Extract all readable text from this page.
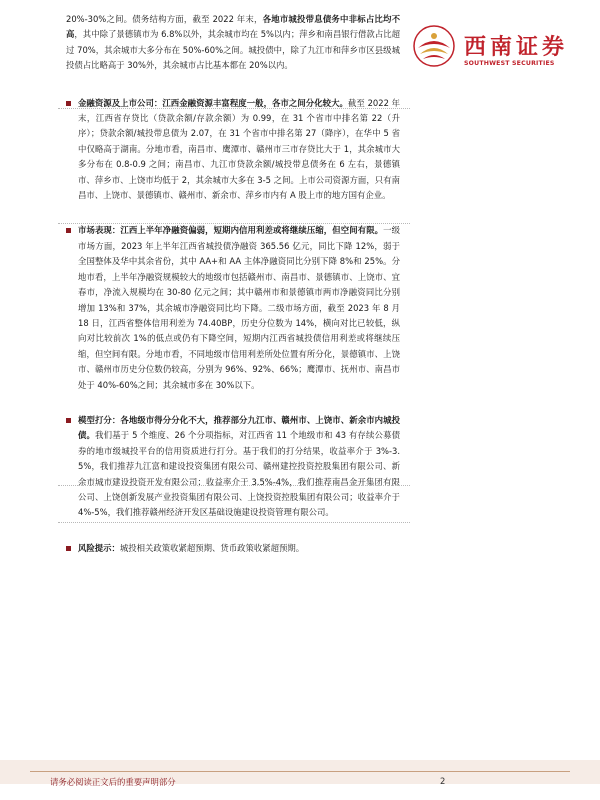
西南证券
SOUTHWEST SECURITIES

20%-30%之间。债务结构方面，截至 2022 年末，各地市城投带息债务中非标占比均不高，其中除了景德镇市为 6.8%以外，其余城市均在 5%以内；萍乡和南昌银行借款占比超过 70%，其余城市大多分布在 50%-60%之间。城投债中，除了九江市和萍乡市区县级城投债占比略高于 30%外，其余城市占比基本都在 20%以内。

金融资源及上市公司：江西金融资源丰富程度一般，各市之间分化较大。截至 2022 年末，江西省存贷比（贷款余额/存款余额）为 0.99，在 31 个省市中排名第 22（升序）；贷款余额/城投带息债为 2.07，在 31 个省市中排名第 27（降序），在华中 5 省中仅略高于湖南。分地市看，南昌市、鹰潭市、赣州市三市存贷比大于 1，其余城市大多分布在 0.8-0.9 之间；南昌市、九江市贷款余额/城投带息债务在 6 左右，景德镇市、萍乡市、上饶市均低于 2，其余城市大多在 3-5 之间。上市公司资源方面，只有南昌市、上饶市、景德镇市、赣州市、新余市、萍乡市内有 A 股上市的地方国有企业。

市场表现：江西上半年净融资偏弱，短期内信用利差或将继续压缩，但空间有限。一级市场方面，2023 年上半年江西省城投债净融资 365.56 亿元，同比下降 12%，弱于全国整体及华中其余省份，其中 AA+和 AA 主体净融资同比分别下降 8%和 25%。分地市看，上半年净融资规模较大的地级市包括赣州市、南昌市、景德镇市、上饶市、宜春市，净流入规模均在 30-80 亿元之间；其中赣州市和景德镇市两市净融资同比分别增加 13%和 37%，其余城市净融资同比均下降。二级市场方面，截至 2023 年 8 月 18 日，江西省整体信用利差为 74.40BP，历史分位数为 14%，横向对比已较低，纵向对比较前次 1%的低点或仍有下降空间，短期内江西省城投债信用利差或将继续压缩，但空间有限。分地市看，不同地级市信用利差所处位置有所分化，景德镇市、上饶市、赣州市历史分位数仍较高，分别为 96%、92%、66%；鹰潭市、抚州市、南昌市处于 40%-60%之间；其余城市多在 30%以下。

模型打分：各地级市得分分化不大，推荐部分九江市、赣州市、上饶市、新余市内城投债。我们基于 5 个维度、26 个分项指标，对江西省 11 个地级市和 43 有存续公募债券的地市级城投平台的信用资质进行打分。基于我们的打分结果，收益率介于 3%-3.5%，我们推荐九江富和建设投资集团有限公司、赣州建控投资控股集团有限公司、新余市城市建设投资开发有限公司；收益率介于 3.5%-4%，我们推荐南昌金开集团有限公司、上饶创新发展产业投资集团有限公司、上饶投资控股集团有限公司；收益率介于 4%-5%，我们推荐赣州经济开发区基础设施建设投资管理有限公司。

风险提示：城投相关政策收紧超预期、货币政策收紧超预期。

请务必阅读正文后的重要声明部分	2
